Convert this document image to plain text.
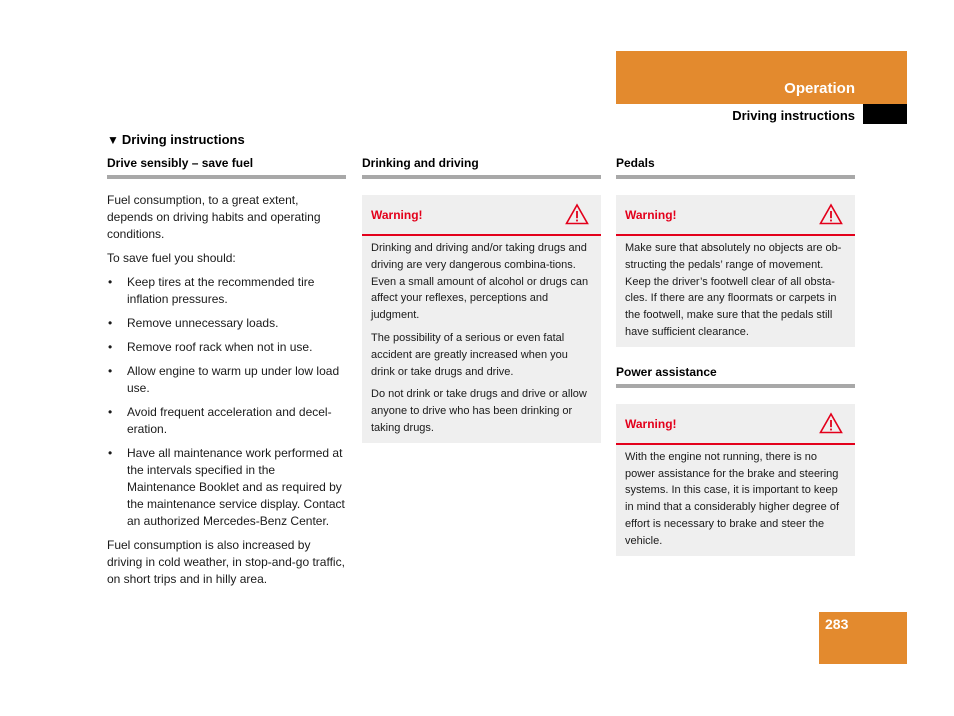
Operation
Driving instructions
▼ Driving instructions
Drive sensibly – save fuel
Fuel consumption, to a great extent, depends on driving habits and operating conditions.
To save fuel you should:
• Keep tires at the recommended tire inflation pressures.
• Remove unnecessary loads.
• Remove roof rack when not in use.
• Allow engine to warm up under low load use.
• Avoid frequent acceleration and decel-eration.
• Have all maintenance work performed at the intervals specified in the Maintenance Booklet and as required by the maintenance service display. Contact an authorized Mercedes-Benz Center.
Fuel consumption is also increased by driving in cold weather, in stop-and-go traffic, on short trips and in hilly area.
Drinking and driving
Warning!
Drinking and driving and/or taking drugs and driving are very dangerous combina-tions. Even a small amount of alcohol or drugs can affect your reflexes, perceptions and judgment.
The possibility of a serious or even fatal accident are greatly increased when you drink or take drugs and drive.
Do not drink or take drugs and drive or allow anyone to drive who has been drinking or taking drugs.
Pedals
Warning!
Make sure that absolutely no objects are ob-structing the pedals’ range of movement. Keep the driver’s footwell clear of all obsta-cles. If there are any floormats or carpets in the footwell, make sure that the pedals still have sufficient clearance.
Power assistance
Warning!
With the engine not running, there is no power assistance for the brake and steering systems. In this case, it is important to keep in mind that a considerably higher degree of effort is necessary to brake and steer the vehicle.
283
